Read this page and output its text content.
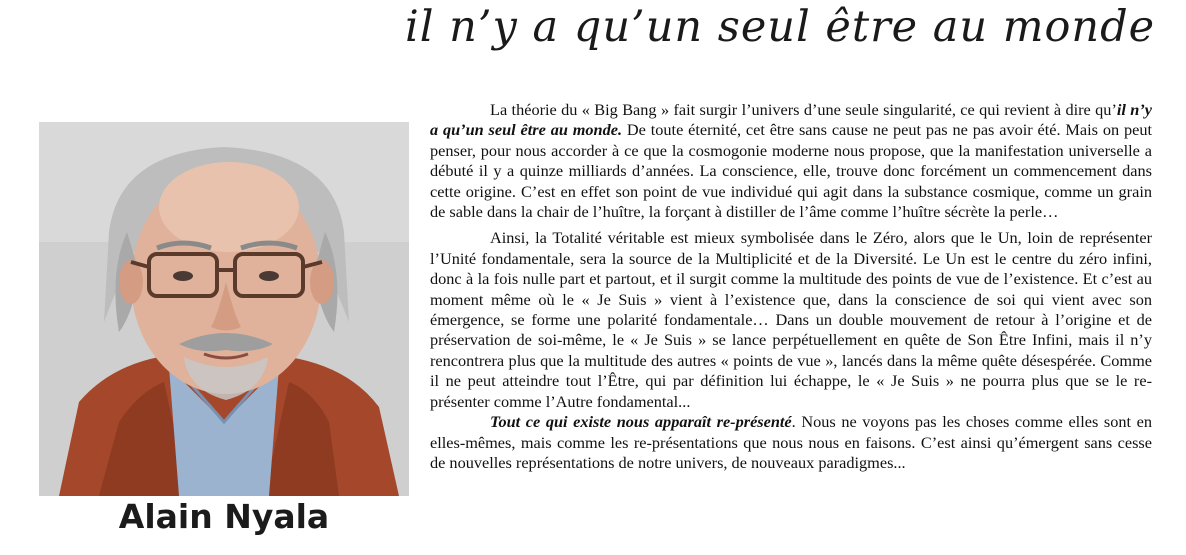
il n’y a qu’un seul être au monde
Alain Nyala

La théorie du « Big Bang » fait surgir l’univers d’une seule singularité, ce qui revient à dire qu’il n’y a qu’un seul être au monde. De toute éternité, cet être sans cause ne peut pas ne pas avoir été. Mais on peut penser, pour nous accorder à ce que la cosmogonie moderne nous propose, que la manifestation universelle a débuté il y a quinze milliards d’années. La conscience, elle, trouve donc forcément un commencement dans cette origine. C’est en effet son point de vue individué qui agit dans la substance cosmique, comme un grain de sable dans la chair de l’huître, la forçant à distiller de l’âme comme l’huître sécrète la perle…

Ainsi, la Totalité véritable est mieux symbolisée dans le Zéro, alors que le Un, loin de représenter l’Unité fondamentale, sera la source de la Multiplicité et de la Diversité. Le Un est le centre du zéro infini, donc à la fois nulle part et partout, et il surgit comme la multitude des points de vue de l’existence. Et c’est au moment même où le « Je Suis » vient à l’existence que, dans la conscience de soi qui vient avec son émergence, se forme une polarité fondamentale… Dans un double mouvement de retour à l’origine et de préservation de soi-même, le « Je Suis » se lance perpétuellement en quête de Son Être Infini, mais il n’y rencontrera plus que la multitude des autres « points de vue », lancés dans la même quête désespérée. Comme il ne peut atteindre tout l’Être, qui par définition lui échappe, le « Je Suis » ne pourra plus que se le re-présenter comme l’Autre fondamental...

Tout ce qui existe nous apparaît re-présenté. Nous ne voyons pas les choses comme elles sont en elles-mêmes, mais comme les re-présentations que nous nous en faisons. C’est ainsi qu’émergent sans cesse de nouvelles représentations de notre univers, de nouveaux paradigmes...
